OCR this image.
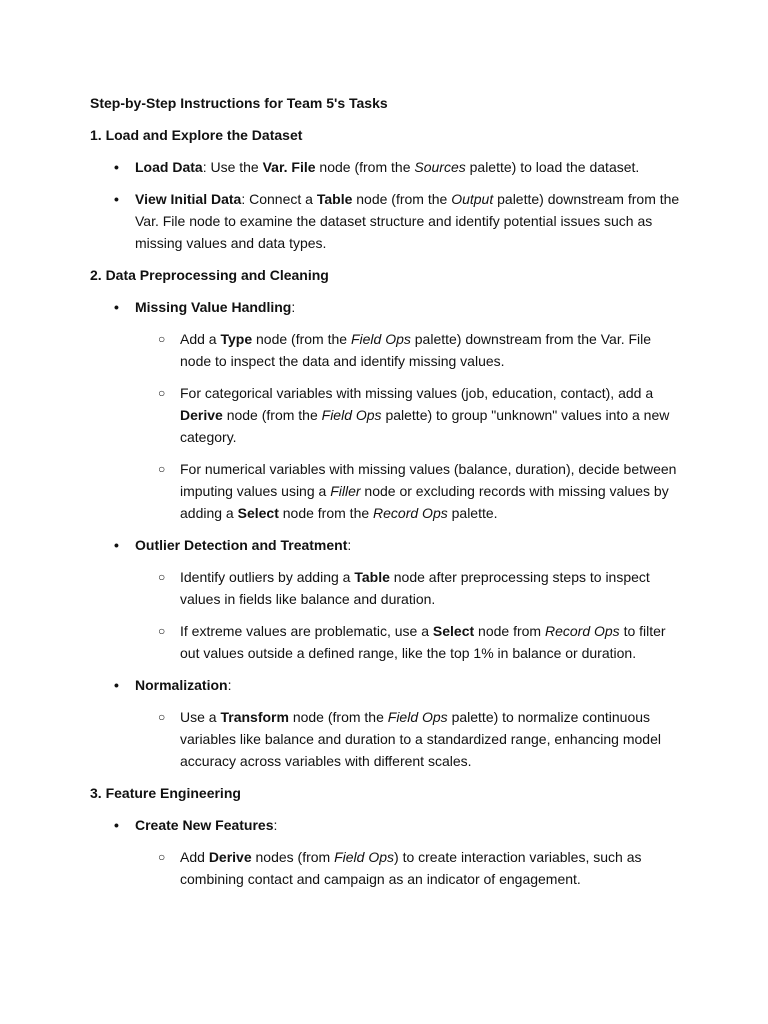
Step-by-Step Instructions for Team 5's Tasks

1. Load and Explore the Dataset

•	Load Data: Use the Var. File node (from the Sources palette) to load the dataset.
•	View Initial Data: Connect a Table node (from the Output palette) downstream from the Var. File node to examine the dataset structure and identify potential issues such as missing values and data types.

2. Data Preprocessing and Cleaning

•	Missing Value Handling:
○	Add a Type node (from the Field Ops palette) downstream from the Var. File node to inspect the data and identify missing values.
○	For categorical variables with missing values (job, education, contact), add a Derive node (from the Field Ops palette) to group "unknown" values into a new category.
○	For numerical variables with missing values (balance, duration), decide between imputing values using a Filler node or excluding records with missing values by adding a Select node from the Record Ops palette.
•	Outlier Detection and Treatment:
○	Identify outliers by adding a Table node after preprocessing steps to inspect values in fields like balance and duration.
○	If extreme values are problematic, use a Select node from Record Ops to filter out values outside a defined range, like the top 1% in balance or duration.
•	Normalization:
○	Use a Transform node (from the Field Ops palette) to normalize continuous variables like balance and duration to a standardized range, enhancing model accuracy across variables with different scales.

3. Feature Engineering

•	Create New Features:
○	Add Derive nodes (from Field Ops) to create interaction variables, such as combining contact and campaign as an indicator of engagement.
